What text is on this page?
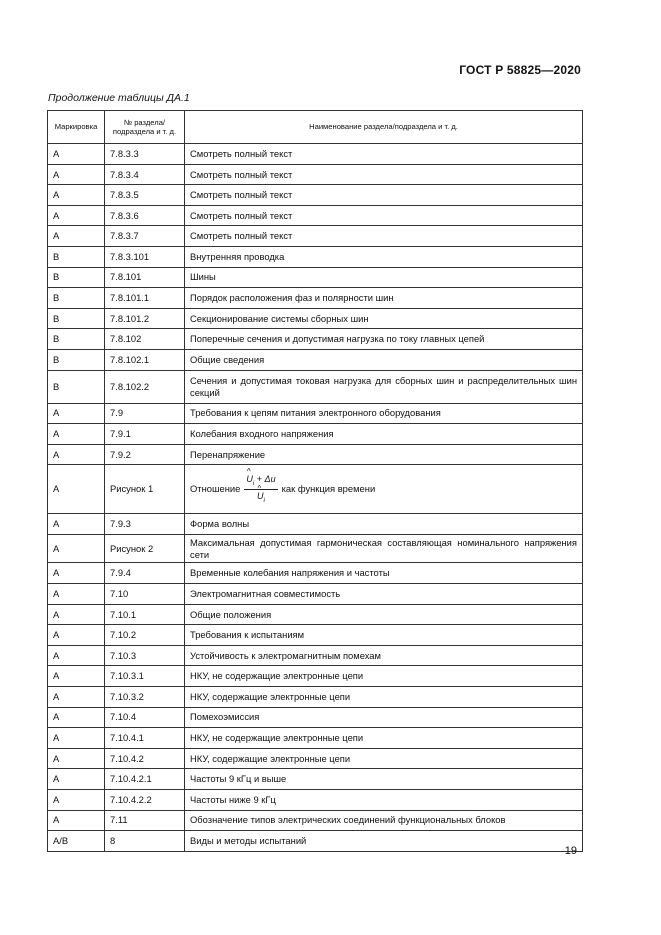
ГОСТ Р 58825—2020
Продолжение таблицы ДА.1
Маркировка	№ раздела/ подраздела и т. д.	Наименование раздела/подраздела и т. д.
A	7.8.3.3	Смотреть полный текст
A	7.8.3.4	Смотреть полный текст
A	7.8.3.5	Смотреть полный текст
A	7.8.3.6	Смотреть полный текст
A	7.8.3.7	Смотреть полный текст
B	7.8.3.101	Внутренняя проводка
B	7.8.101	Шины
B	7.8.101.1	Порядок расположения фаз и полярности шин
B	7.8.101.2	Секционирование системы сборных шин
B	7.8.102	Поперечные сечения и допустимая нагрузка по току главных цепей
B	7.8.102.1	Общие сведения
B	7.8.102.2	Сечения и допустимая токовая нагрузка для сборных шин и распределительных шин секций
A	7.9	Требования к цепям питания электронного оборудования
A	7.9.1	Колебания входного напряжения
A	7.9.2	Перенапряжение
A	Рисунок 1	Отношение ^ $U_i + \Delta u$
^ $U_i$ как функция времени
A	7.9.3	Форма волны
A	Рисунок 2	Максимальная допустимая гармоническая составляющая номинального напряжения сети
A	7.9.4	Временные колебания напряжения и частоты
A	7.10	Электромагнитная совместимость
A	7.10.1	Общие положения
A	7.10.2	Требования к испытаниям
A	7.10.3	Устойчивость к электромагнитным помехам
A	7.10.3.1	НКУ, не содержащие электронные цепи
A	7.10.3.2	НКУ, содержащие электронные цепи
A	7.10.4	Помехоэмиссия
A	7.10.4.1	НКУ, не содержащие электронные цепи
A	7.10.4.2	НКУ, содержащие электронные цепи
A	7.10.4.2.1	Частоты 9 кГц и выше
A	7.10.4.2.2	Частоты ниже 9 кГц
A	7.11	Обозначение типов электрических соединений функциональных блоков
A/B	8	Виды и методы испытаний
19
